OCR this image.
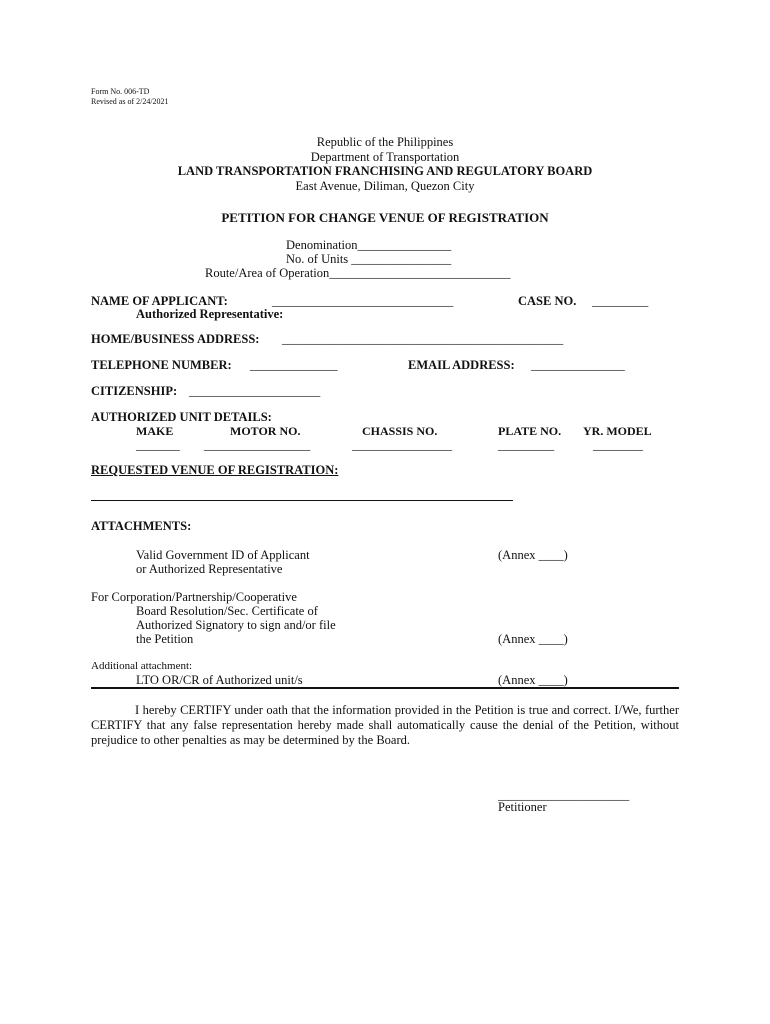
Form No. 006-TD
Revised as of 2/24/2021
Republic of the Philippines
Department of Transportation
LAND TRANSPORTATION FRANCHISING AND REGULATORY BOARD
East Avenue, Diliman, Quezon City
PETITION FOR CHANGE VENUE OF REGISTRATION
Denomination_______________
No. of Units ________________
Route/Area of Operation_____________________________
NAME OF APPLICANT:	_____________________________	CASE NO. _________
Authorized Representative:
HOME/BUSINESS ADDRESS: _____________________________________________
TELEPHONE NUMBER: ______________	EMAIL ADDRESS: _______________
CITIZENSHIP: _____________________
AUTHORIZED UNIT DETAILS:
MAKE	MOTOR NO.	CHASSIS NO.	PLATE NO. YR. MODEL
_______ _________________	________________	_________	________
REQUESTED VENUE OF REGISTRATION:
ATTACHMENTS:
Valid Government ID of Applicant
or Authorized Representative
(Annex ____)
For Corporation/Partnership/Cooperative
Board Resolution/Sec. Certificate of
Authorized Signatory to sign and/or file
the Petition	(Annex ____)
Additional attachment:
LTO OR/CR of Authorized unit/s	(Annex ____)
I hereby CERTIFY under oath that the information provided in the Petition is true and correct. I/We, further CERTIFY that any false representation hereby made shall automatically cause the denial of the Petition, without prejudice to other penalties as may be determined by the Board.
_____________________
Petitioner
